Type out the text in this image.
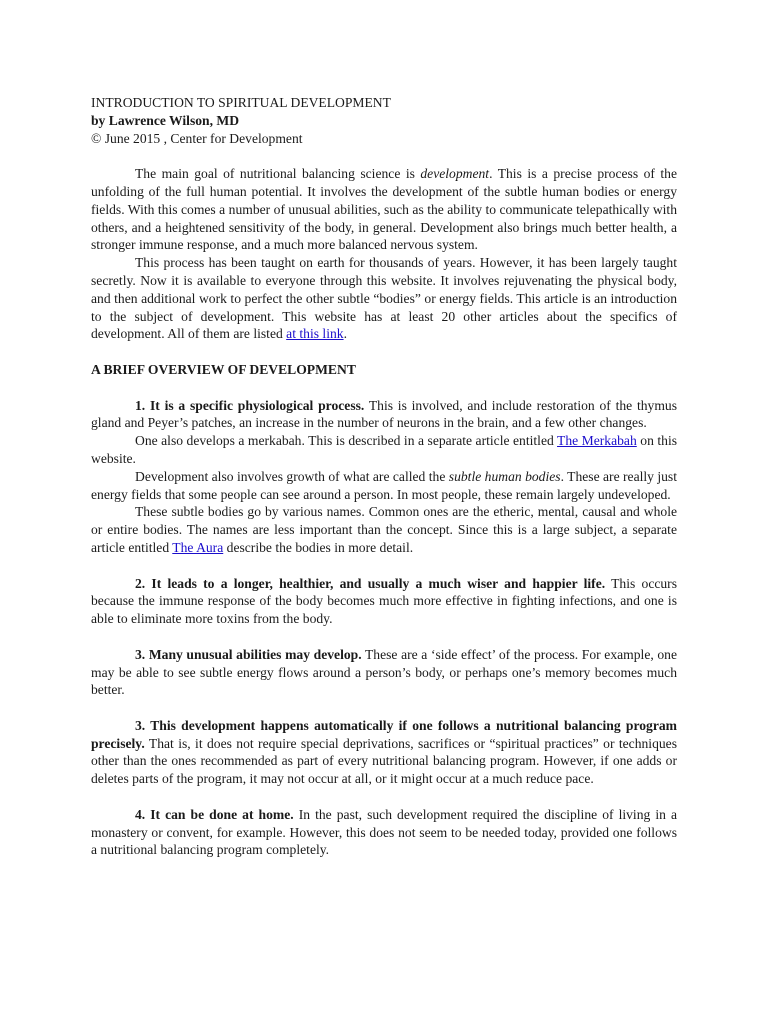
INTRODUCTION TO SPIRITUAL DEVELOPMENT

by Lawrence Wilson, MD

© June 2015 , Center for Development

The main goal of nutritional balancing science is development. This is a precise process of the unfolding of the full human potential. It involves the development of the subtle human bodies or energy fields. With this comes a number of unusual abilities, such as the ability to communicate telepathically with others, and a heightened sensitivity of the body, in general. Development also brings much better health, a stronger immune response, and a much more balanced nervous system.

This process has been taught on earth for thousands of years. However, it has been largely taught secretly. Now it is available to everyone through this website. It involves rejuvenating the physical body, and then additional work to perfect the other subtle “bodies” or energy fields. This article is an introduction to the subject of development. This website has at least 20 other articles about the specifics of development. All of them are listed at this link.

A BRIEF OVERVIEW OF DEVELOPMENT

1. It is a specific physiological process. This is involved, and include restoration of the thymus gland and Peyer’s patches, an increase in the number of neurons in the brain, and a few other changes.

One also develops a merkabah. This is described in a separate article entitled The Merkabah on this website.

Development also involves growth of what are called the subtle human bodies. These are really just energy fields that some people can see around a person. In most people, these remain largely undeveloped.

These subtle bodies go by various names. Common ones are the etheric, mental, causal and whole or entire bodies. The names are less important than the concept. Since this is a large subject, a separate article entitled The Aura describe the bodies in more detail.

2. It leads to a longer, healthier, and usually a much wiser and happier life. This occurs because the immune response of the body becomes much more effective in fighting infections, and one is able to eliminate more toxins from the body.

3. Many unusual abilities may develop. These are a ‘side effect’ of the process. For example, one may be able to see subtle energy flows around a person’s body, or perhaps one’s memory becomes much better.

3. This development happens automatically if one follows a nutritional balancing program precisely. That is, it does not require special deprivations, sacrifices or “spiritual practices” or techniques other than the ones recommended as part of every nutritional balancing program. However, if one adds or deletes parts of the program, it may not occur at all, or it might occur at a much reduce pace.

4. It can be done at home. In the past, such development required the discipline of living in a monastery or convent, for example. However, this does not seem to be needed today, provided one follows a nutritional balancing program completely.
